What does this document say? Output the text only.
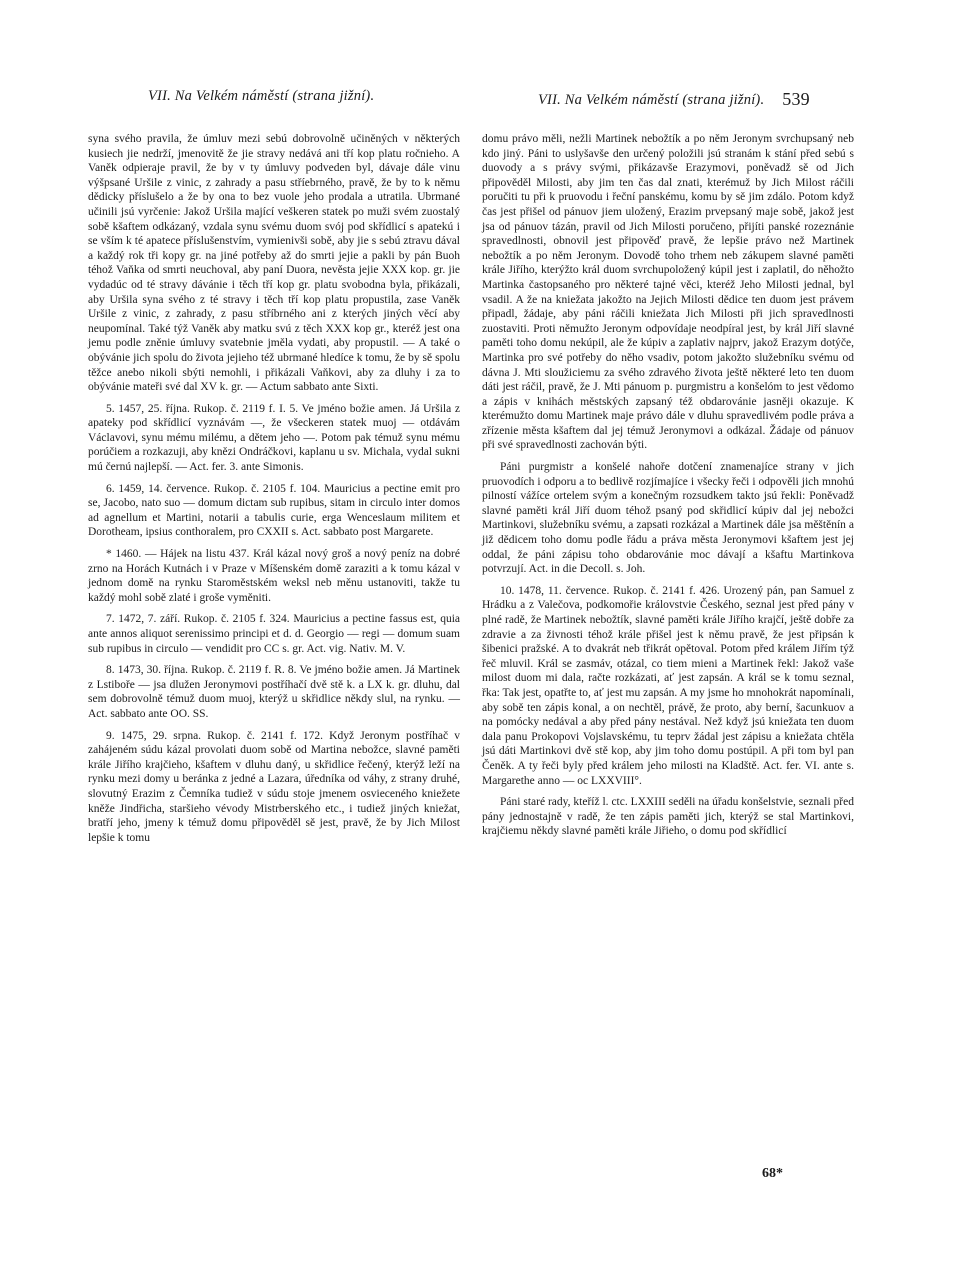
VII. Na Velkém náměstí (strana jižní).	VII. Na Velkém náměstí (strana jižní). 539

syna svého pravila, že úmluv mezi sebú dobrovolně učiněných v některých kusiech jie nedrží, jmenovitě že jie stravy nedává ani tří kop platu ročnieho. A Vaněk odpieraje pravil, že by v ty úmluvy podveden byl, dávaje dále vinu výšpsané Uršile z vinic, z zahrady a pasu stříebrného, pravě, že by to k němu dědicky příslušelo a že by ona to bez vuole jeho prodala a utratila. Ubrmané učinili jsú vyrčenie: Jakož Uršila mající veškeren statek po muži svém zuostalý sobě kšaftem odkázaný, vzdala synu svému duom svój pod skřídlicí s apatekú i se vším k té apatece příslušenstvím, vymienivši sobě, aby jie s sebú ztravu dával a každý rok tři kopy gr. na jiné potřeby až do smrti jejie a pakli by pán Buoh téhož Vaňka od smrti neuchoval, aby paní Duora, nevěsta jejie XXX kop. gr. jie vydadúc od té stravy dávánie i těch tří kop gr. platu svobodna byla, přikázali, aby Uršila syna svého z té stravy i těch tří kop platu propustila, zase Vaněk Uršile z vinic, z zahrady, z pasu stříbrného ani z kterých jiných věcí aby neupomínal. Také týž Vaněk aby matku svú z těch XXX kop gr., kteréž jest ona jemu podle zněnie úmluvy svatebnie jměla vydati, aby propustil. — A také o obývánie jich spolu do života jejieho též ubrmané hledíce k tomu, že by sě spolu těžce anebo nikoli sbýti nemohli, i přikázali Vaňkovi, aby za dluhy i za to obývánie mateři své dal XV k. gr. — Actum sabbato ante Sixti.

5. 1457, 25. října. Rukop. č. 2119 f. I. 5. Ve jméno božie amen. Já Uršila z apateky pod skřídlicí vyznávám —, že všeckeren statek muoj — otdávám Václavovi, synu mému milému, a dětem jeho —. Potom pak témuž synu mému porúčiem a rozkazuji, aby knězi Ondráčkovi, kaplanu u sv. Michala, vydal sukni mú černú najlepší. — Act. fer. 3. ante Simonis.

6. 1459, 14. července. Rukop. č. 2105 f. 104. Mauricius a pectine emit pro se, Jacobo, nato suo — domum dictam sub rupibus, sitam in circulo inter domos ad agnellum et Martini, notarii a tabulis curie, erga Wenceslaum militem et Dorotheam, ipsius conthoralem, pro CXXII s. Act. sabbato post Margarete.

* 1460. — Hájek na listu 437. Král kázal nový groš a nový peníz na dobré zrno na Horách Kutnách i v Praze v Míšenském domě zaraziti a k tomu kázal v jednom domě na rynku Staroměstském weksl neb měnu ustanoviti, takže tu každý mohl sobě zlaté i groše vyměniti.

7. 1472, 7. září. Rukop. č. 2105 f. 324. Mauricius a pectine fassus est, quia ante annos aliquot serenissimo principi et d. d. Georgio — regi — domum suam sub rupibus in circulo — vendidit pro CC s. gr. Act. vig. Nativ. M. V.

8. 1473, 30. října. Rukop. č. 2119 f. R. 8. Ve jméno božie amen. Já Martinek z Lstiboře — jsa dlužen Jeronymovi postříhačí dvě stě k. a LX k. gr. dluhu, dal sem dobrovolně témuž duom muoj, kterýž u skřidlice někdy slul, na rynku. — Act. sabbato ante OO. SS.

9. 1475, 29. srpna. Rukop. č. 2141 f. 172. Když Jeronym postříhač v zahájeném súdu kázal provolati duom sobě od Martina nebožce, slavné paměti krále Jiřího krajčieho, kšaftem v dluhu daný, u skřidlice řečený, kterýž leží na rynku mezi domy u beránka z jedné a Lazara, úředníka od váhy, z strany druhé, slovutný Erazim z Čemníka tudiež v súdu stoje jmenem osvieceného kniežete kněže Jindřicha, staršieho vévody Mistrberského etc., i tudiež jiných kniežat, bratří jeho, jmeny k témuž domu připověděl sě jest, pravě, že by Jich Milost lepšie k tomu

domu právo měli, nežli Martinek nebožtík a po něm Jeronym svrchupsaný neb kdo jiný. Páni to uslyšavše den určený položili jsú stranám k stání před sebú s duovody a s právy svými, přikázavše Erazymovi, poněvadž sě od Jich připověděl Milosti, aby jim ten čas dal znati, kterémuž by Jich Milost ráčili poručiti tu při k pruovodu i řeční panskému, komu by sě jim zdálo. Potom když čas jest přišel od pánuov jiem uložený, Erazim prvepsaný maje sobě, jakož jest jsa od pánuov tázán, pravil od Jich Milosti poručeno, přijíti panské rozeznánie spravedlnosti, obnovil jest připověď pravě, že lepšie právo než Martinek nebožtík a po něm Jeronym. Dovodě toho trhem neb zákupem slavné paměti krále Jiřího, kterýžto král duom svrchupoložený kúpil jest i zaplatil, do něhožto Martinka častopsaného pro některé tajné věci, kteréž Jeho Milosti jednal, byl vsadil. A že na kniežata jakožto na Jejich Milosti dědice ten duom jest právem připadl, žádaje, aby páni ráčili kniežata Jich Milosti při jich spravedlnosti zuostaviti. Proti němužto Jeronym odpovídaje neodpíral jest, by král Jiří slavné paměti toho domu nekúpil, ale že kúpiv a zaplativ najprv, jakož Erazym dotýče, Martinka pro své potřeby do něho vsadiv, potom jakožto služebníku svému od dávna J. Mti sloužiciemu za svého zdravého života ještě některé leto ten duom dáti jest ráčil, pravě, že J. Mti pánuom p. purgmistru a konšelóm to jest vědomo a zápis v knihách městských zapsaný též obdarovánie jasněji okazuje. K kterémužto domu Martinek maje právo dále v dluhu spravedlivém podle práva a zřízenie města kšaftem dal jej témuž Jeronymovi a odkázal. Žádaje od pánuov při své spravedlnosti zachován býti.

Páni purgmistr a konšelé nahoře dotčení znamenajíce strany v jich pruovodích i odporu a to bedlivě rozjímajíce i všecky řeči i odpověli jich mnohú pilností vážíce ortelem svým a konečným rozsudkem takto jsú řekli: Poněvadž slavné paměti král Jiří duom téhož psaný pod skřidlicí kúpiv dal jej nebožci Martinkovi, služebníku svému, a zapsati rozkázal a Martinek dále jsa měštěnín a již dědicem toho domu podle řádu a práva města Jeronymovi kšaftem jest jej oddal, že páni zápisu toho obdarovánie moc dávají a kšaftu Martinkova potvrzují. Act. in die Decoll. s. Joh.

10. 1478, 11. července. Rukop. č. 2141 f. 426. Urozený pán, pan Samuel z Hrádku a z Valečova, podkomořie královstvie Českého, seznal jest před pány v plné radě, že Martinek nebožtík, slavné paměti krále Jiřího krajčí, ještě dobře za zdravie a za živnosti téhož krále přišel jest k němu pravě, že jest připsán k šibenici pražské. A to dvakrát neb třikrát opětoval. Potom před králem Jiřím týž řeč mluvil. Král se zasmáv, otázal, co tiem mieni a Martinek řekl: Jakož vaše milost duom mi dala, račte rozkázati, ať jest zapsán. A král se k tomu seznal, řka: Tak jest, opatřte to, ať jest mu zapsán. A my jsme ho mnohokrát napomínali, aby sobě ten zápis konal, a on nechtěl, právě, že proto, aby berní, šacunkuov a na pomócky nedával a aby před pány nestával. Než když jsú kniežata ten duom dala panu Prokopovi Vojslavskému, tu teprv žádal jest zápisu a kniežata chtěla jsú dáti Martinkovi dvě stě kop, aby jim toho domu postúpil. A při tom byl pan Čeněk. A ty řeči byly před králem jeho milosti na Kladště. Act. fer. VI. ante s. Margarethe anno — oc LXXVIII°.

Páni staré rady, kteříž l. ctc. LXXIII seděli na úřadu konšelstvie, seznali před pány jednostajně v radě, že ten zápis paměti jich, kterýž se stal Martinkovi, krajčiemu někdy slavné paměti krále Jiřieho, o domu pod skřídlicí

68*
